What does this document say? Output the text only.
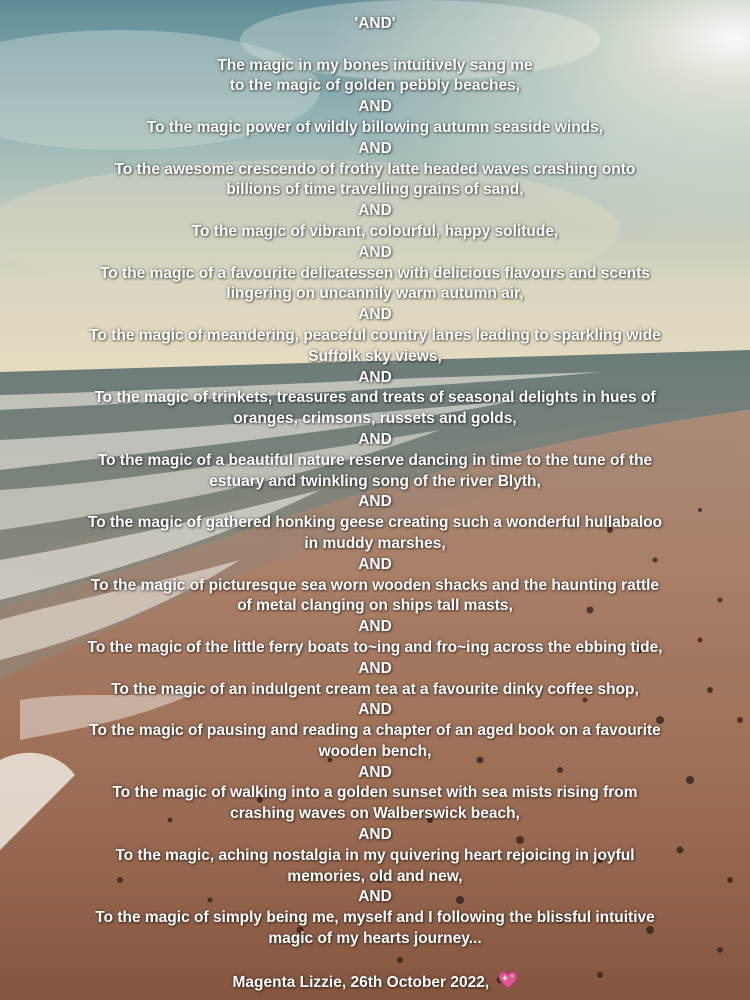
'AND'
The magic in my bones intuitively sang me
to the magic of golden pebbly beaches,
AND
To the magic power of wildly billowing autumn seaside winds,
AND
To the awesome crescendo of frothy latte headed waves crashing onto
billions of time travelling grains of sand,
AND
To the magic of vibrant, colourful, happy solitude,
AND
To the magic of a favourite delicatessen with delicious flavours and scents
lingering on uncannily warm autumn air,
AND
To the magic of meandering, peaceful country lanes leading to sparkling wide
Suffolk sky views,
AND
To the magic of trinkets, treasures and treats of seasonal delights in hues of
oranges, crimsons, russets and golds,
AND
To the magic of a beautiful nature reserve dancing in time to the tune of the
estuary and twinkling song of the river Blyth,
AND
To the magic of gathered honking geese creating such a wonderful hullabaloo
in muddy marshes,
AND
To the magic of picturesque sea worn wooden shacks and the haunting rattle
of metal clanging on ships tall masts,
AND
To the magic of the little ferry boats to~ing and fro~ing across the ebbing tide,
AND
To the magic of an indulgent cream tea at a favourite dinky coffee shop,
AND
To the magic of pausing and reading a chapter of an aged book on a favourite
wooden bench,
AND
To the magic of walking into a golden sunset with sea mists rising from
crashing waves on Walberswick beach,
AND
To the magic, aching nostalgia in my quivering heart rejoicing in joyful
memories, old and new,
AND
To the magic of simply being me, myself and I following the blissful intuitive
magic of my hearts journey...
Magenta Lizzie, 26th October 2022,
